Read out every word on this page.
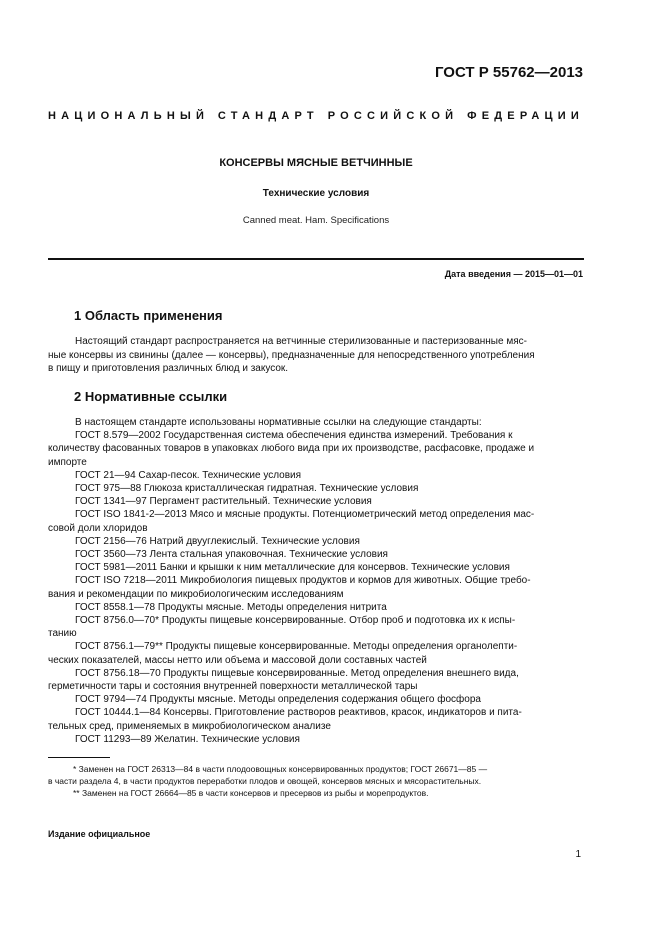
ГОСТ Р 55762—2013
НАЦИОНАЛЬНЫЙ СТАНДАРТ РОССИЙСКОЙ ФЕДЕРАЦИИ
КОНСЕРВЫ МЯСНЫЕ ВЕТЧИННЫЕ
Технические условия
Canned meat. Ham. Specifications
Дата введения — 2015—01—01
1 Область применения
Настоящий стандарт распространяется на ветчинные стерилизованные и пастеризованные мяс-
ные консервы из свинины (далее — консервы), предназначенные для непосредственного употребления
в пищу и приготовления различных блюд и закусок.
2 Нормативные ссылки
В настоящем стандарте использованы нормативные ссылки на следующие стандарты:
ГОСТ 8.579—2002 Государственная система обеспечения единства измерений. Требования к
количеству фасованных товаров в упаковках любого вида при их производстве, расфасовке, продаже и
импорте
ГОСТ 21—94 Сахар-песок. Технические условия
ГОСТ 975—88 Глюкоза кристаллическая гидратная. Технические условия
ГОСТ 1341—97 Пергамент растительный. Технические условия
ГОСТ ISO 1841-2—2013 Мясо и мясные продукты. Потенциометрический метод определения мас-
совой доли хлоридов
ГОСТ 2156—76 Натрий двууглекислый. Технические условия
ГОСТ 3560—73 Лента стальная упаковочная. Технические условия
ГОСТ 5981—2011 Банки и крышки к ним металлические для консервов. Технические условия
ГОСТ ISO 7218—2011 Микробиология пищевых продуктов и кормов для животных. Общие требо-
вания и рекомендации по микробиологическим исследованиям
ГОСТ 8558.1—78 Продукты мясные. Методы определения нитрита
ГОСТ 8756.0—70* Продукты пищевые консервированные. Отбор проб и подготовка их к испы-
танию
ГОСТ 8756.1—79** Продукты пищевые консервированные. Методы определения органолепти-
ческих показателей, массы нетто или объема и массовой доли составных частей
ГОСТ 8756.18—70 Продукты пищевые консервированные. Метод определения внешнего вида,
герметичности тары и состояния внутренней поверхности металлической тары
ГОСТ 9794—74 Продукты мясные. Методы определения содержания общего фосфора
ГОСТ 10444.1—84 Консервы. Приготовление растворов реактивов, красок, индикаторов и пита-
тельных сред, применяемых в микробиологическом анализе
ГОСТ 11293—89 Желатин. Технические условия
* Заменен на ГОСТ 26313—84 в части плодоовощных консервированных продуктов; ГОСТ 26671—85 —
в части раздела 4, в части продуктов переработки плодов и овощей, консервов мясных и мясорастительных.
** Заменен на ГОСТ 26664—85 в части консервов и пресервов из рыбы и морепродуктов.
Издание официальное
1
